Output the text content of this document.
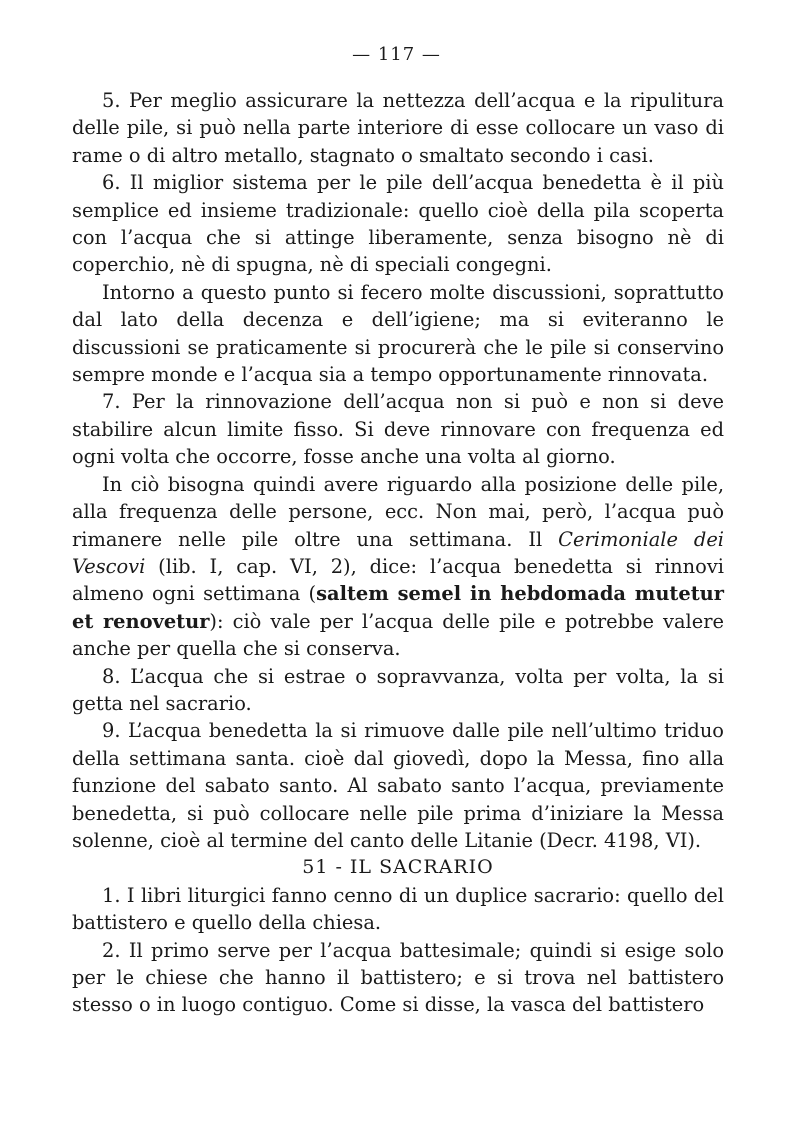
— 117 —

5. Per meglio assicurare la nettezza dell’acqua e la ripulitura delle pile, si può nella parte interiore di esse collocare un vaso di rame o di altro metallo, stagnato o smaltato secondo i casi.

6. Il miglior sistema per le pile dell’acqua benedetta è il più semplice ed insieme tradizionale: quello cioè della pila scoperta con l’acqua che si attinge liberamente, senza bisogno nè di coperchio, nè di spugna, nè di speciali congegni.

Intorno a questo punto si fecero molte discussioni, soprattutto dal lato della decenza e dell’igiene; ma si eviteranno le discussioni se praticamente si procurerà che le pile si conservino sempre monde e l’acqua sia a tempo opportunamente rinnovata.

7. Per la rinnovazione dell’acqua non si può e non si deve stabilire alcun limite fisso. Si deve rinnovare con frequenza ed ogni volta che occorre, fosse anche una volta al giorno.

In ciò bisogna quindi avere riguardo alla posizione delle pile, alla frequenza delle persone, ecc. Non mai, però, l’acqua può rimanere nelle pile oltre una settimana. Il Cerimoniale dei Vescovi (lib. I, cap. VI, 2), dice: l’acqua benedetta si rinnovi almeno ogni settimana (saltem semel in hebdomada mutetur et renovetur): ciò vale per l’acqua delle pile e potrebbe valere anche per quella che si conserva.

8. L’acqua che si estrae o sopravvanza, volta per volta, la si getta nel sacrario.

9. L’acqua benedetta la si rimuove dalle pile nell’ultimo triduo della settimana santa. cioè dal giovedì, dopo la Messa, fino alla funzione del sabato santo. Al sabato santo l’acqua, previamente benedetta, si può collocare nelle pile prima d’iniziare la Messa solenne, cioè al termine del canto delle Litanie (Decr. 4198, VI).

51 - IL SACRARIO

1. I libri liturgici fanno cenno di un duplice sacrario: quello del battistero e quello della chiesa.

2. Il primo serve per l’acqua battesimale; quindi si esige solo per le chiese che hanno il battistero; e si trova nel battistero stesso o in luogo contiguo. Come si disse, la vasca del battistero
